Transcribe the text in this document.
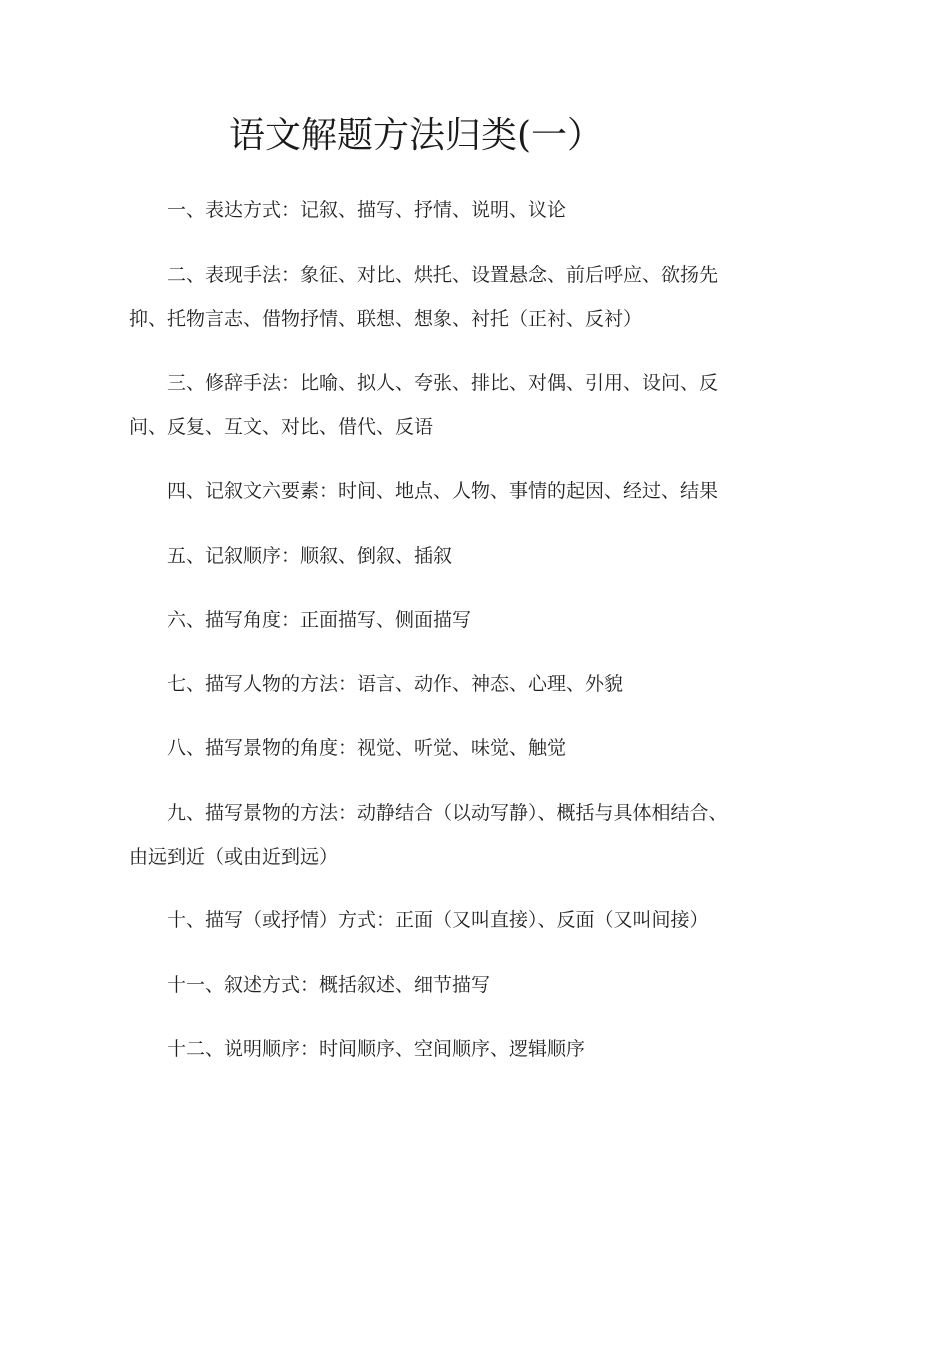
语文解题方法归类(一）

一、表达方式：记叙、描写、抒情、说明、议论

二、表现手法：象征、对比、烘托、设置悬念、前后呼应、欲扬先抑、托物言志、借物抒情、联想、想象、衬托（正衬、反衬）

三、修辞手法：比喻、拟人、夸张、排比、对偶、引用、设问、反问、反复、互文、对比、借代、反语

四、记叙文六要素：时间、地点、人物、事情的起因、经过、结果

五、记叙顺序：顺叙、倒叙、插叙

六、描写角度：正面描写、侧面描写

七、描写人物的方法：语言、动作、神态、心理、外貌

八、描写景物的角度：视觉、听觉、味觉、触觉

九、描写景物的方法：动静结合（以动写静）、概括与具体相结合、由远到近（或由近到远）

十、描写（或抒情）方式：正面（又叫直接）、反面（又叫间接）

十一、叙述方式：概括叙述、细节描写

十二、说明顺序：时间顺序、空间顺序、逻辑顺序
